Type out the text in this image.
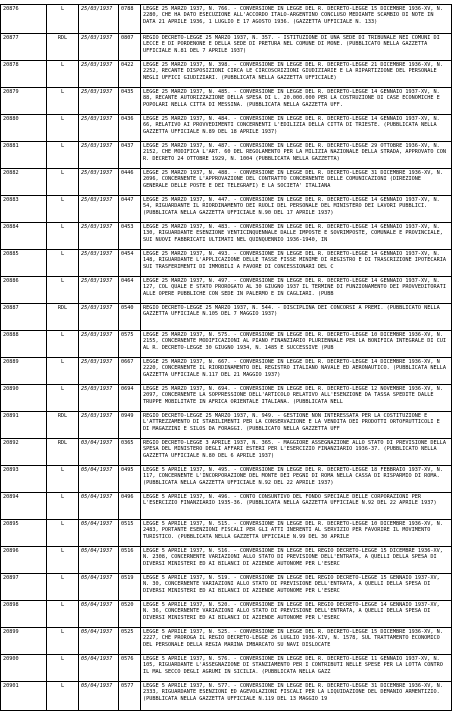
20876	L	25/03/1937	0788	LEGGE 25 MARZO 1937, N. 766. - CONVERSIONE IN LEGGE DEL R. DECRETO-LEGGE 15 DICEMBRE 1936-XV, N. 2280, CHE HA DATO ESECUZIONE ALL'ACCORDO ITALO-ARGENTINO CONCLUSO MEDIANTE SCAMBIO DI NOTE IN DATA 21 APRILE 1936, 1 LUGLIO E 17 AGOSTO 1936. (GAZZETTA UFFICIALE N. 133)
20877	RDL	25/03/1937	0807	REGIO DECRETO-LEGGE 25 MARZO 1937, N. 357. - ISTITUZIONE DI UNA SEDE DI TRIBUNALE NEI COMUNI DI LECCE E DI PORDENONE E DELLA SEDE DI PRETURA NEL COMUNE DI MONE. (PUBBLICATO NELLA GAZZETTA UFFICIALE N.81 DEL 7 APRILE 1937)
20878	L	25/03/1937	0422	LEGGE 25 MARZO 1937, N. 398. - CONVERSIONE IN LEGGE DEL R. DECRETO-LEGGE 21 DICEMBRE 1936-XV, N. 2252, RECANTE DISPOSIZIONI CIRCA LE CIRCOSCRIZIONI GIUDIZIARIE E LA RIPARTIZIONE DEL PERSONALE NEGLI UFFICI GIUDIZIARI. (PUBBLICATA NELLA GAZZETTA UFFICIALE)
20879	L	25/03/1937	0435	LEGGE 25 MARZO 1937, N. 485. - CONVERSIONE IN LEGGE DEL R. DECRETO-LEGGE 14 GENNAIO 1937-XV, N. 88, RECANTE AUTORIZZAZIONE DELLA SPESA DI L. 20.000.000 PER LA COSTRUZIONE DI CASE ECONOMICHE E POPOLARI NELLA CITTA DI MESSINA. (PUBBLICATA NELLA GAZZETTA UFF.
20880	L	25/03/1937	0436	LEGGE 25 MARZO 1937, N. 484. - CONVERSIONE IN LEGGE DEL R. DECRETO-LEGGE 14 GENNAIO 1937-XV, N. 66, RELATIVO AI PROVVEDIMENTI CONCERNENTI L'EDILIZIA DELLA CITTA DI TRIESTE. (PUBBLICATA NELLA GAZZETTA UFFICIALE N.89 DEL 18 APRILE 1937)
20881	L	25/03/1937	0437	LEGGE 25 MARZO 1937, N. 487. - CONVERSIONE IN LEGGE DEL R. DECRETO-LEGGE 29 OTTOBRE 1936-XV, N. 2152, CHE MODIFICA L'ART. 60 DEL REGOLAMENTO PER LA MILIZIA NAZIONALE DELLA STRADA, APPROVATO CON R. DECRETO 24 OTTOBRE 1929, N. 1004 (PUBBLICATA NELLA GAZZETTA)
20882	L	25/03/1937	0446	LEGGE 25 MARZO 1937, N. 488. - CONVERSIONE IN LEGGE DEL R. DECRETO-LEGGE 31 DICEMBRE 1936-XV, N. 2096, CONCERNENTE L'APPROVAZIONE DEL CONTRATTO CONCERNENTE DELLE COMUNICAZIONI (DIREZIONE GENERALE DELLE POSTE E DEI TELEGRAFI) E LA SOCIETA' ITALIANA
20883	L	25/03/1937	0447	LEGGE 25 MARZO 1937, N. 447. - CONVERSIONE IN LEGGE DEL R. DECRETO-LEGGE 14 GENNAIO 1937-XV, N. 54, RIGUARDANTE IL RIORDINAMENTO DEI RUOLI DEL PERSONALE DEL MINISTERO DEI LAVORI PUBBLICI. (PUBBLICATA NELLA GAZZETTA UFFICIALE N.90 DEL 17 APRILE 1937)
20884	L	25/03/1937	0453	LEGGE 25 MARZO 1937, N. 483. - CONVERSIONE IN LEGGE DEL R. DECRETO-LEGGE 14 GENNAIO 1937-XV, N. 130, RIGUARDANTE ESENZIONE VENTICINQUENNALE DALLE IMPOSTE E SOVRIMPOSTE, COMUNALE E PROVINCIALE, SUI NUOVI FABBRICATI ULTIMATI NEL QUINQUENNIO 1936-1940, IN
20885	L	25/03/1937	0454	LEGGE 25 MARZO 1937, N. 493. - CONVERSIONE IN LEGGE DEL R. DECRETO-LEGGE 14 GENNAIO 1937-XV, N. 148, RIGUARDANTE L'APPLICAZIONE DELLE TASSE FISSE MINIME DI REGISTRO E DI TRASCRIZIONE IPOTECARIA SUI TRASFERIMENTI DI IMMOBILI A FAVORE DI CONCESSIONARI DEL C
20886	L	25/03/1937	0464	LEGGE 25 MARZO 1937, N. 497. - CONVERSIONE IN LEGGE DEL R. DECRETO-LEGGE 14 GENNAIO 1937-XV, N. 127, COL QUALE E STATO PROROGATO AL 30 GIUGNO 1937 IL TERMINE DI FUNZIONAMENTO DEI PROVVEDITORATI ALLE OPERE PUBBLICHE CON SEDE IN PALERMO E IN CAGLIARI. (PUBB
20887	RDL	25/03/1937	0540	REGIO DECRETO-LEGGE 25 MARZO 1937, N. 544. - DISCIPLINA DEI CONCORSI A PREMI. (PUBBLICATO NELLA GAZZETTA UFFICIALE N.105 DEL 7 MAGGIO 1937)
20888	L	25/03/1937	0575	LEGGE 25 MARZO 1937, N. 575. - CONVERSIONE IN LEGGE DEL R. DECRETO-LEGGE 10 DICEMBRE 1936-XV, N. 2155, CONCERNENTE MODIFICAZIONI AL PIANO FINANZIARIO PLURIENNALE PER LA BONIFICA INTEGRALE DI CUI AL R. DECRETO-LEGGE 30 GIUGNO 1934, N. 1485 E SUCCESSIVE (PUB
20889	L	25/03/1937	0667	LEGGE 25 MARZO 1937, N. 667. - CONVERSIONE IN LEGGE DEL R. DECRETO-LEGGE 14 DICEMBRE 1936-XV, N 2220, CONCERNENTE IL RIORDINAMENTO DEL REGISTRO ITALIANO NAVALE ED AERONAUTICO. (PUBBLICATA NELLA GAZZETTA UFFICIALE N.117 DEL 21 MAGGIO 1937)
20890	L	25/03/1937	0694	LEGGE 25 MARZO 1937, N. 694. - CONVERSIONE IN LEGGE DEL R. DECRETO-LEGGE 12 NOVEMBRE 1936-XV, N. 2097, CONCERNENTE LA SOPPRESSIONE DELL'ARTICOLO RELATIVO ALL'ESENZIONE DA TASSA SPEDITE DALLE TRUPPE MOBILITATE IN AFRICA ORIENTALE ITALIANA. (PUBBLICATA NELL
20891	RDL	25/03/1937	0949	REGIO DECRETO-LEGGE 25 MARZO 1937, N. 949. - GESTIONE NON INTERESSATA PER LA COSTITUZIONE E L'ATTREZZAMENTO DI STABILIMENTI PER LA CONSERVAZIONE E LA VENDITA DEI PRODOTTI ORTOFRUTTICOLI E DI MAGAZZINI E SILOS DA FORAGGI. (PUBBLICATO NELLA GAZZETTA UFF
20892	RDL	03/04/1937	0365	REGIO DECRETO-LEGGE 3 APRILE 1937, N. 365. - MAGGIORE ASSEGNAZIONE ALLO STATO DI PREVISIONE DELLA SPESA DEL MINISTERO DEGLI AFFARI ESTERI PER L'ESERCIZIO FINANZIARIO 1936-37. (PUBBLICATO NELLA GAZZETTA UFFICIALE N.80 DEL 6 APRILE 1937)
20893	L	05/04/1937	0495	LEGGE 5 APRILE 1937, N. 495. - CONVERSIONE IN LEGGE DEL R. DECRETO-LEGGE 18 FEBBRAIO 1937-XV, N. 117, CONCERNENTE L'INCORPORAZIONE DEL MONTE DEI PEGNI DI ROMA NELLA CASSA DI RISPARMIO DI ROMA. (PUBBLICATA NELLA GAZZETTA UFFICIALE N.92 DEL 22 APRILE 1937)
20894	L	05/04/1937	0496	LEGGE 5 APRILE 1937, N. 496. - CONTO CONSUNTIVO DEL FONDO SPECIALE DELLE CORPORAZIONI PER L'ESERCIZIO FINANZIARIO 1935-36. (PUBBLICATA NELLA GAZZETTA UFFICIALE N.92 DEL 22 APRILE 1937)
20895	L	05/04/1937	0515	LEGGE 5 APRILE 1937, N. 515. - CONVERSIONE IN LEGGE DEL R. DECRETO-LEGGE 10 DICEMBRE 1936-XV, N. 2483, PORTANTE ESENZIONI FISCALI PER GLI ATTI INERENTI AL SERVIZIO PER FAVORIRE IL MOVIMENTO TURISTICO. (PUBBLICATA NELLA GAZZETTA UFFICIALE N.99 DEL 30 APRILE
20896	L	05/04/1937	0516	LEGGE 5 APRILE 1937, N. 516. - CONVERSIONE IN LEGGE DEL REGIO DECRETO-LEGGE 15 DICEMBRE 1936-XV, N. 2308, CONCERNENTE VARIAZIONI ALLO STATO DI PREVISIONE DELL'ENTRATA, A QUELLI DELLA SPESA DI DIVERSI MINISTERI ED AI BILANCI DI AZIENDE AUTONOME PER L'ESERC
20897	L	05/04/1937	0519	LEGGE 5 APRILE 1937, N. 519. - CONVERSIONE IN LEGGE DEL REGIO DECRETO-LEGGE 15 GENNAIO 1937-XV, N. 30, CONCERNENTE VARIAZIONI ALLO STATO DI PREVISIONE DELL'ENTRATA, A QUELLI DELLA SPESA DI DIVERSI MINISTERI ED AI BILANCI DI AZIENDE AUTONOME PER L'ESERC
20898	L	05/04/1937	0520	LEGGE 5 APRILE 1937, N. 520. - CONVERSIONE IN LEGGE DEL REGIO DECRETO-LEGGE 14 GENNAIO 1937-XV, N. 36, CONCERNENTE VARIAZIONI ALLO STATO DI PREVISIONE DELL'ENTRATA, A QUELLI DELLA SPESA DI DIVERSI MINISTERI ED AI BILANCI DI AZIENDE AUTONOME PER L'ESERC
20899	L	05/04/1937	0525	LEGGE 5 APRILE 1937, N. 525. - CONVERSIONE IN LEGGE DEL R. DECRETO-LEGGE 15 DICEMBRE 1936-XV, N. 2227, CHE PROROGA IL REGIO DECRETO-LEGGE 26 LUGLIO 1936-XIV, N. 1578, SUL TRATTAMENTO ECONOMICO DEL PERSONALE DELLA REGIA MARINA IMBARCATO SU NAVI DISLOCATE
20900	L	05/04/1937	0576	LEGGE 5 APRILE 1937, N. 576. - CONVERSIONE IN LEGGE DEL R. DECRETO-LEGGE 11 GENNAIO 1937-XV, N. 105, RIGUARDANTE L'ASSEGNAZIONE DI STANZIAMENTO PER I CONTRIBUTI NELLE SPESE PER LA LOTTA CONTRO IL MAL SECCO DEGLI AGRUMI IN SICILIA. (PUBBLICATA NELLA GAZZ
20901	L	05/04/1937	0577	LEGGE 5 APRILE 1937, N. 577. - CONVERSIONE IN LEGGE DEL R. DECRETO-LEGGE 31 DICEMBRE 1936-XV, N. 2333, RIGUARDANTE ESENZIONI ED AGEVOLAZIONI FISCALI PER LA LIQUIDAZIONE DEL DEMANIO ARMENTIZIO. (PUBBLICATA NELLA GAZZETTA UFFICIALE N.119 DEL 13 MAGGIO 19
